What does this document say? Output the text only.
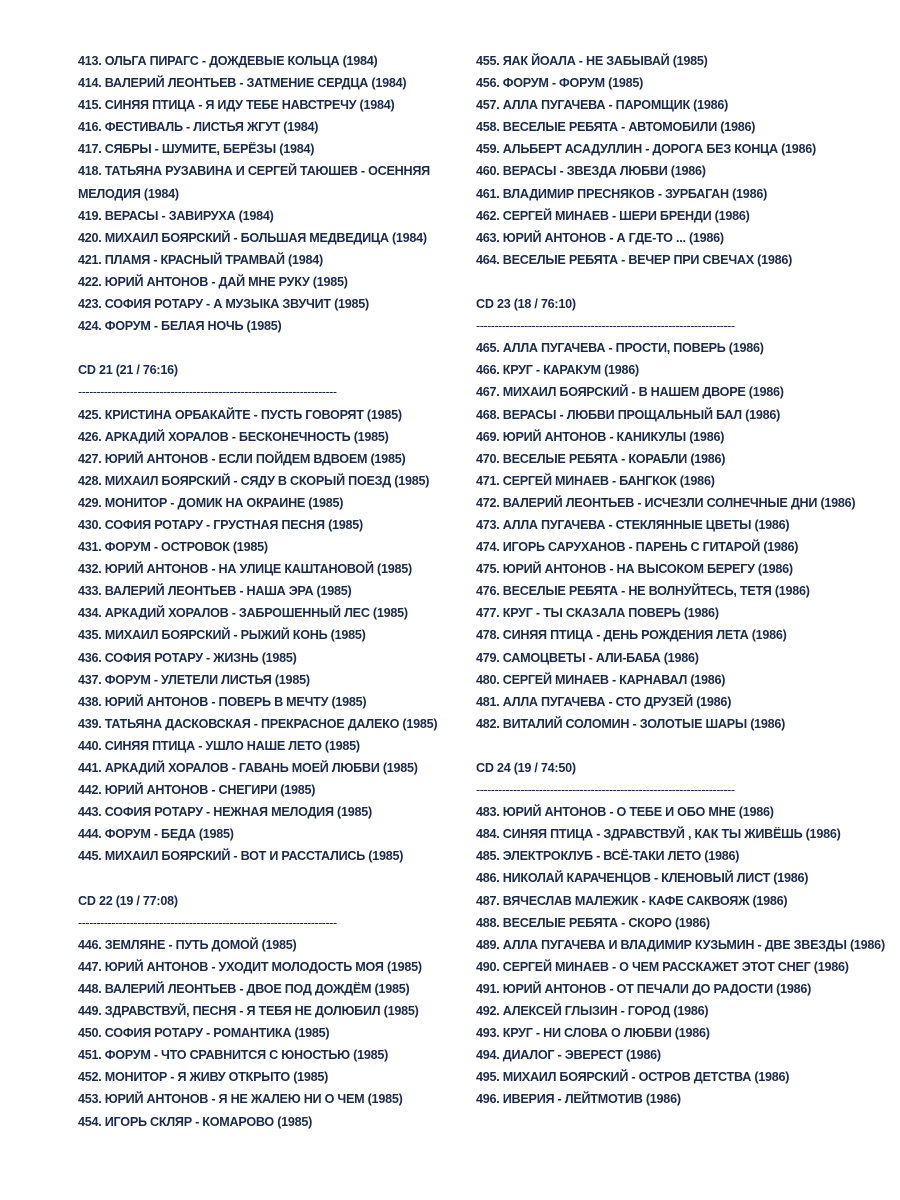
413. ОЛЬГА ПИРАГС - ДОЖДЕВЫЕ КОЛЬЦА (1984)
414. ВАЛЕРИЙ ЛЕОНТЬЕВ - ЗАТМЕНИЕ СЕРДЦА (1984)
415. СИНЯЯ ПТИЦА - Я ИДУ ТЕБЕ НАВСТРЕЧУ (1984)
416. ФЕСТИВАЛЬ - ЛИСТЬЯ ЖГУТ (1984)
417. СЯБРЫ - ШУМИТЕ, БЕРЁЗЫ (1984)
418. ТАТЬЯНА РУЗАВИНА И СЕРГЕЙ ТАЮШЕВ - ОСЕННЯЯ МЕЛОДИЯ (1984)
419. ВЕРАСЫ - ЗАВИРУХА (1984)
420. МИХАИЛ БОЯРСКИЙ - БОЛЬШАЯ МЕДВЕДИЦА (1984)
421. ПЛАМЯ - КРАСНЫЙ ТРАМВАЙ (1984)
422. ЮРИЙ АНТОНОВ - ДАЙ МНЕ РУКУ (1985)
423. СОФИЯ РОТАРУ - А МУЗЫКА ЗВУЧИТ (1985)
424. ФОРУМ - БЕЛАЯ НОЧЬ (1985)
CD 21 (21 / 76:16)
----------------------------------------------------------------------
425. КРИСТИНА ОРБАКАЙТЕ - ПУСТЬ ГОВОРЯТ (1985)
426. АРКАДИЙ ХОРАЛОВ - БЕСКОНЕЧНОСТЬ (1985)
427. ЮРИЙ АНТОНОВ - ЕСЛИ ПОЙДЕМ ВДВОЕМ (1985)
428. МИХАИЛ БОЯРСКИЙ - СЯДУ В СКОРЫЙ ПОЕЗД (1985)
429. МОНИТОР - ДОМИК НА ОКРАИНЕ (1985)
430. СОФИЯ РОТАРУ - ГРУСТНАЯ ПЕСНЯ (1985)
431. ФОРУМ - ОСТРОВОК (1985)
432. ЮРИЙ АНТОНОВ - НА УЛИЦЕ КАШТАНОВОЙ (1985)
433. ВАЛЕРИЙ ЛЕОНТЬЕВ - НАША ЭРА (1985)
434. АРКАДИЙ ХОРАЛОВ - ЗАБРОШЕННЫЙ ЛЕС (1985)
435. МИХАИЛ БОЯРСКИЙ - РЫЖИЙ КОНЬ (1985)
436. СОФИЯ РОТАРУ - ЖИЗНЬ (1985)
437. ФОРУМ - УЛЕТЕЛИ ЛИСТЬЯ (1985)
438. ЮРИЙ АНТОНОВ - ПОВЕРЬ В МЕЧТУ (1985)
439. ТАТЬЯНА ДАСКОВСКАЯ - ПРЕКРАСНОЕ ДАЛЕКО (1985)
440. СИНЯЯ ПТИЦА - УШЛО НАШЕ ЛЕТО (1985)
441. АРКАДИЙ ХОРАЛОВ - ГАВАНЬ МОЕЙ ЛЮБВИ (1985)
442. ЮРИЙ АНТОНОВ - СНЕГИРИ (1985)
443. СОФИЯ РОТАРУ - НЕЖНАЯ МЕЛОДИЯ (1985)
444. ФОРУМ - БЕДА (1985)
445. МИХАИЛ БОЯРСКИЙ - ВОТ И РАССТАЛИСЬ (1985)
CD 22 (19 / 77:08)
----------------------------------------------------------------------
446. ЗЕМЛЯНЕ - ПУТЬ ДОМОЙ (1985)
447. ЮРИЙ АНТОНОВ - УХОДИТ МОЛОДОСТЬ МОЯ (1985)
448. ВАЛЕРИЙ ЛЕОНТЬЕВ - ДВОЕ ПОД ДОЖДЁМ (1985)
449. ЗДРАВСТВУЙ, ПЕСНЯ - Я ТЕБЯ НЕ ДОЛЮБИЛ (1985)
450. СОФИЯ РОТАРУ - РОМАНТИКА (1985)
451. ФОРУМ - ЧТО СРАВНИТСЯ С ЮНОСТЬЮ (1985)
452. МОНИТОР - Я ЖИВУ ОТКРЫТО (1985)
453. ЮРИЙ АНТОНОВ - Я НЕ ЖАЛЕЮ НИ О ЧЕМ (1985)
454. ИГОРЬ СКЛЯР - КОМАРОВО (1985)
455. ЯАК ЙОАЛА - НЕ ЗАБЫВАЙ (1985)
456. ФОРУМ - ФОРУМ (1985)
457. АЛЛА ПУГАЧЕВА - ПАРОМЩИК (1986)
458. ВЕСЕЛЫЕ РЕБЯТА - АВТОМОБИЛИ (1986)
459. АЛЬБЕРТ АСАДУЛЛИН - ДОРОГА БЕЗ КОНЦА (1986)
460. ВЕРАСЫ - ЗВЕЗДА ЛЮБВИ (1986)
461. ВЛАДИМИР ПРЕСНЯКОВ - ЗУРБАГАН (1986)
462. СЕРГЕЙ МИНАЕВ - ШЕРИ БРЕНДИ (1986)
463. ЮРИЙ АНТОНОВ - А ГДЕ-ТО ... (1986)
464. ВЕСЕЛЫЕ РЕБЯТА - ВЕЧЕР ПРИ СВЕЧАХ (1986)
CD 23 (18 / 76:10)
----------------------------------------------------------------------
465. АЛЛА ПУГАЧЕВА - ПРОСТИ, ПОВЕРЬ (1986)
466. КРУГ - КАРАКУМ (1986)
467. МИХАИЛ БОЯРСКИЙ - В НАШЕМ ДВОРЕ (1986)
468. ВЕРАСЫ - ЛЮБВИ ПРОЩАЛЬНЫЙ БАЛ (1986)
469. ЮРИЙ АНТОНОВ - КАНИКУЛЫ (1986)
470. ВЕСЕЛЫЕ РЕБЯТА - КОРАБЛИ (1986)
471. СЕРГЕЙ МИНАЕВ - БАНГКОК (1986)
472. ВАЛЕРИЙ ЛЕОНТЬЕВ - ИСЧЕЗЛИ СОЛНЕЧНЫЕ ДНИ (1986)
473. АЛЛА ПУГАЧЕВА - СТЕКЛЯННЫЕ ЦВЕТЫ (1986)
474. ИГОРЬ САРУХАНОВ - ПАРЕНЬ С ГИТАРОЙ (1986)
475. ЮРИЙ АНТОНОВ - НА ВЫСОКОМ БЕРЕГУ (1986)
476. ВЕСЕЛЫЕ РЕБЯТА - НЕ ВОЛНУЙТЕСЬ, ТЕТЯ (1986)
477. КРУГ - ТЫ СКАЗАЛА ПОВЕРЬ (1986)
478. СИНЯЯ ПТИЦА - ДЕНЬ РОЖДЕНИЯ ЛЕТА (1986)
479. САМОЦВЕТЫ - АЛИ-БАБА (1986)
480. СЕРГЕЙ МИНАЕВ - КАРНАВАЛ (1986)
481. АЛЛА ПУГАЧЕВА - СТО ДРУЗЕЙ (1986)
482. ВИТАЛИЙ СОЛОМИН - ЗОЛОТЫЕ ШАРЫ (1986)
CD 24 (19 / 74:50)
----------------------------------------------------------------------
483. ЮРИЙ АНТОНОВ - О ТЕБЕ И ОБО МНЕ (1986)
484. СИНЯЯ ПТИЦА - ЗДРАВСТВУЙ , КАК ТЫ ЖИВЁШЬ (1986)
485. ЭЛЕКТРОКЛУБ - ВСЁ-ТАКИ ЛЕТО (1986)
486. НИКОЛАЙ КАРАЧЕНЦОВ - КЛЕНОВЫЙ ЛИСТ (1986)
487. ВЯЧЕСЛАВ МАЛЕЖИК - КАФЕ САКВОЯЖ (1986)
488. ВЕСЕЛЫЕ РЕБЯТА - СКОРО (1986)
489. АЛЛА ПУГАЧЕВА И ВЛАДИМИР КУЗЬМИН - ДВЕ ЗВЕЗДЫ (1986)
490. СЕРГЕЙ МИНАЕВ - О ЧЕМ РАССКАЖЕТ ЭТОТ СНЕГ (1986)
491. ЮРИЙ АНТОНОВ - ОТ ПЕЧАЛИ ДО РАДОСТИ (1986)
492. АЛЕКСЕЙ ГЛЫЗИН - ГОРОД (1986)
493. КРУГ - НИ СЛОВА О ЛЮБВИ (1986)
494. ДИАЛОГ - ЭВЕРЕСТ (1986)
495. МИХАИЛ БОЯРСКИЙ - ОСТРОВ ДЕТСТВА (1986)
496. ИВЕРИЯ - ЛЕЙТМОТИВ (1986)
